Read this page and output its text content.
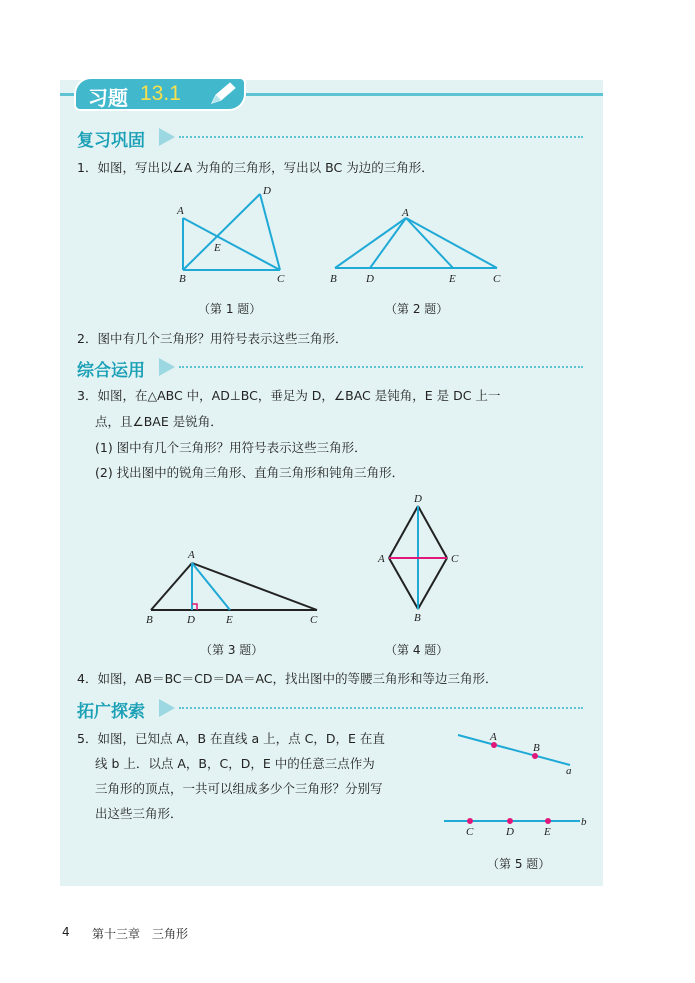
习题 13.1
复习巩固
1．如图，写出以∠A 为角的三角形，写出以 BC 为边的三角形．
A
B	C
D
E
A
B	D	E	C
（第 1 题）	（第 2 题）
2．图中有几个三角形？用符号表示这些三角形．
综合运用
3．如图，在△ABC 中，AD⊥BC，垂足为 D，∠BAC 是钝角，E 是 DC 上一
点，且∠BAE 是锐角．
(1) 图中有几个三角形？用符号表示这些三角形．
(2) 找出图中的锐角三角形、直角三角形和钝角三角形．
A
B	D	E	C
D
A	C
B
（第 3 题）	（第 4 题）
4．如图，AB＝BC＝CD＝DA＝AC，找出图中的等腰三角形和等边三角形．
拓广探索
5．如图，已知点 A，B 在直线 a 上，点 C，D，E 在直
线 b 上．以点 A，B，C，D，E 中的任意三点作为
三角形的顶点，一共可以组成多少个三角形？分别写
出这些三角形．
A
B
a
C	D	E
b
（第 5 题）
4 第十三章 三角形
